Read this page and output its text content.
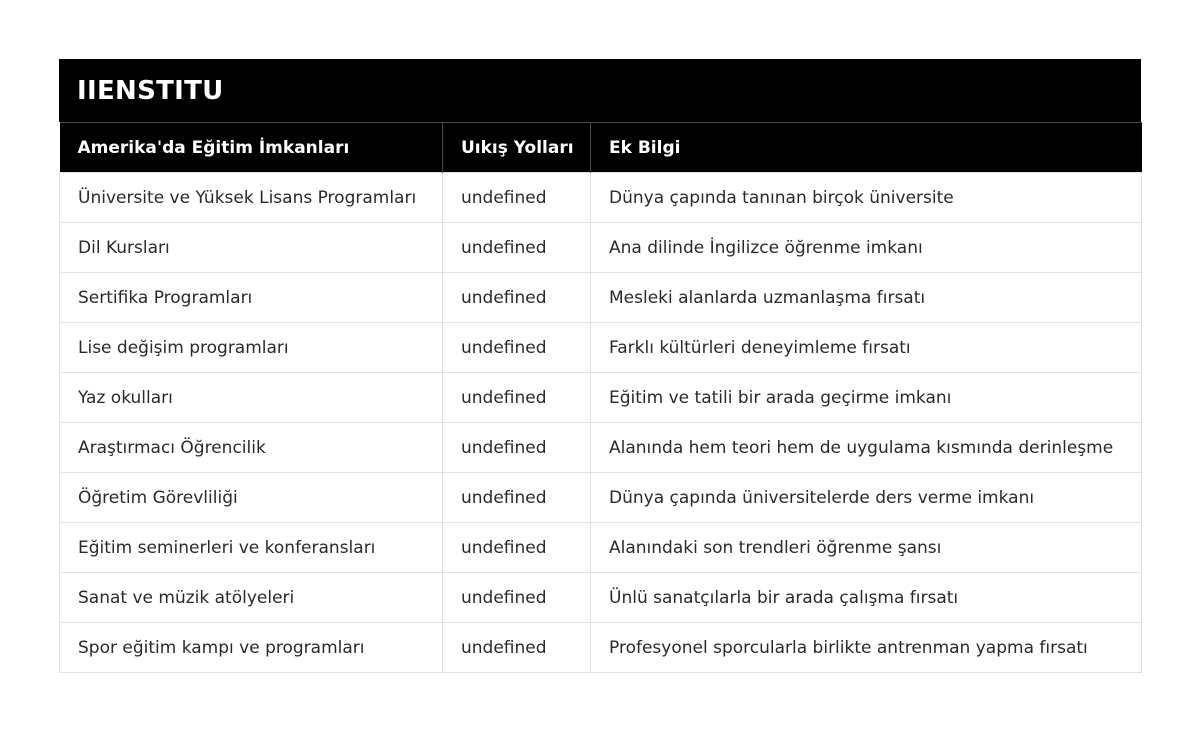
IIENSTITU
Amerika'da Eğitim İmkanları	Uıkış Yolları	Ek Bilgi
Üniversite ve Yüksek Lisans Programları	undefined	Dünya çapında tanınan birçok üniversite
Dil Kursları	undefined	Ana dilinde İngilizce öğrenme imkanı
Sertifika Programları	undefined	Mesleki alanlarda uzmanlaşma fırsatı
Lise değişim programları	undefined	Farklı kültürleri deneyimleme fırsatı
Yaz okulları	undefined	Eğitim ve tatili bir arada geçirme imkanı
Araştırmacı Öğrencilik	undefined	Alanında hem teori hem de uygulama kısmında derinleşme
Öğretim Görevliliği	undefined	Dünya çapında üniversitelerde ders verme imkanı
Eğitim seminerleri ve konferansları	undefined	Alanındaki son trendleri öğrenme şansı
Sanat ve müzik atölyeleri	undefined	Ünlü sanatçılarla bir arada çalışma fırsatı
Spor eğitim kampı ve programları	undefined	Profesyonel sporcularla birlikte antrenman yapma fırsatı
